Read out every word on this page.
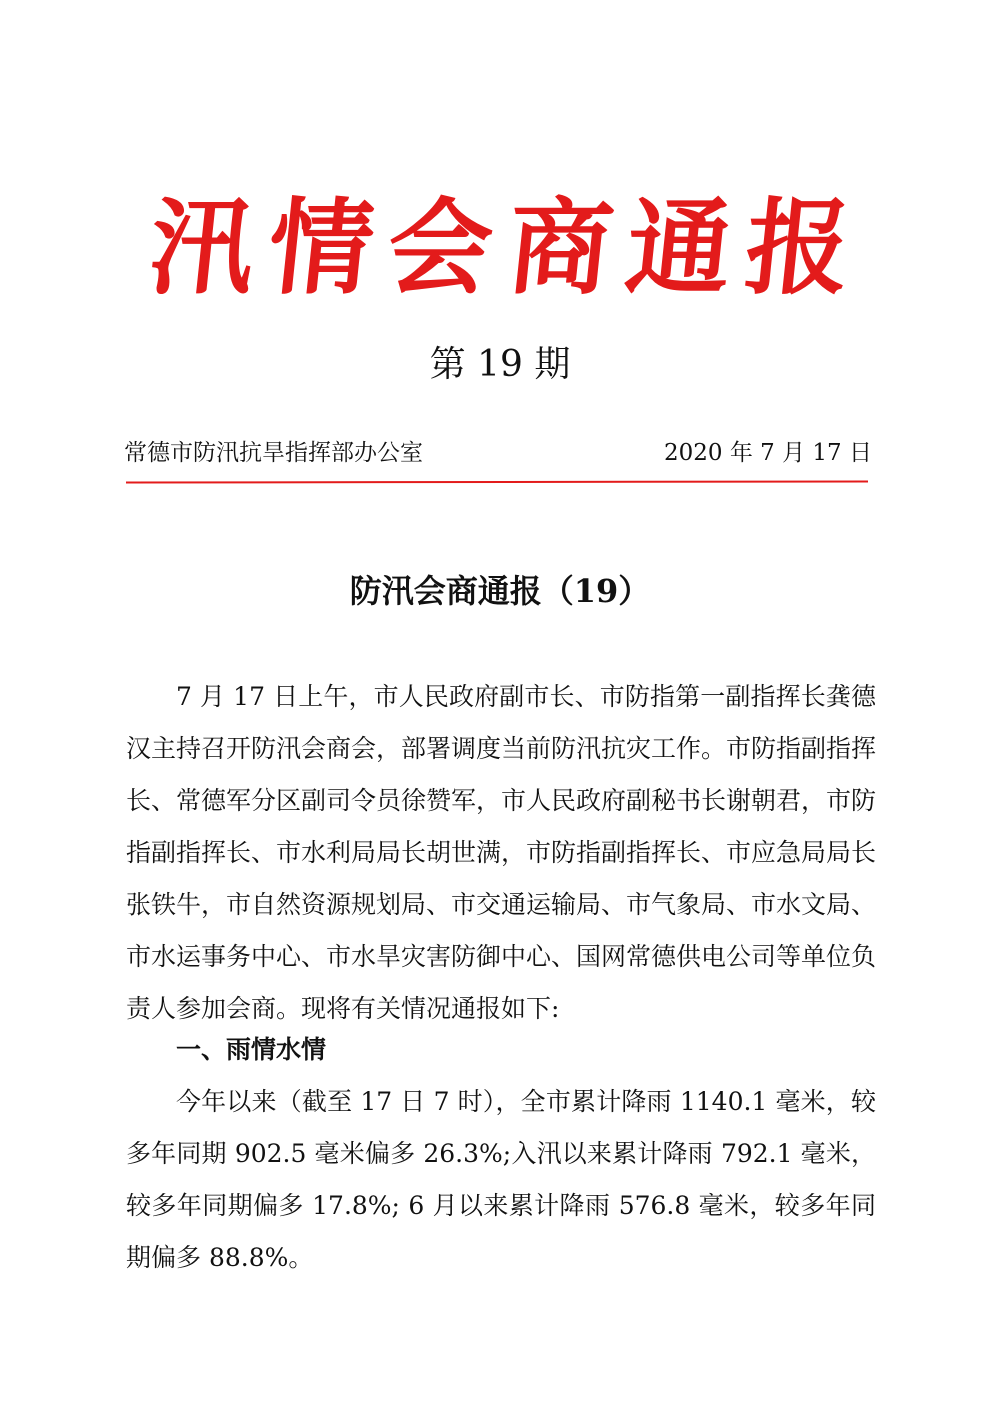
汛 情 会 商 通 报
第 19 期
常德市防汛抗旱指挥部办公室	2020 年 7 月 17 日
防汛会商通报（19）

7 月 17 日上午，市人民政府副市长、市防指第一副指挥长龚德汉主持召开防汛会商会，部署调度当前防汛抗灾工作。市防指副指挥长、常德军分区副司令员徐赞军，市人民政府副秘书长谢朝君，市防指副指挥长、市水利局局长胡世满，市防指副指挥长、市应急局局长张铁牛，市自然资源规划局、市交通运输局、市气象局、市水文局、市水运事务中心、市水旱灾害防御中心、国网常德供电公司等单位负责人参加会商。现将有关情况通报如下:

一、雨情水情

今年以来（截至 17 日 7 时），全市累计降雨 1140.1 毫米，较多年同期 902.5 毫米偏多 26.3%;入汛以来累计降雨 792.1 毫米，较多年同期偏多 17.8%; 6 月以来累计降雨 576.8 毫米，较多年同期偏多 88.8%。
